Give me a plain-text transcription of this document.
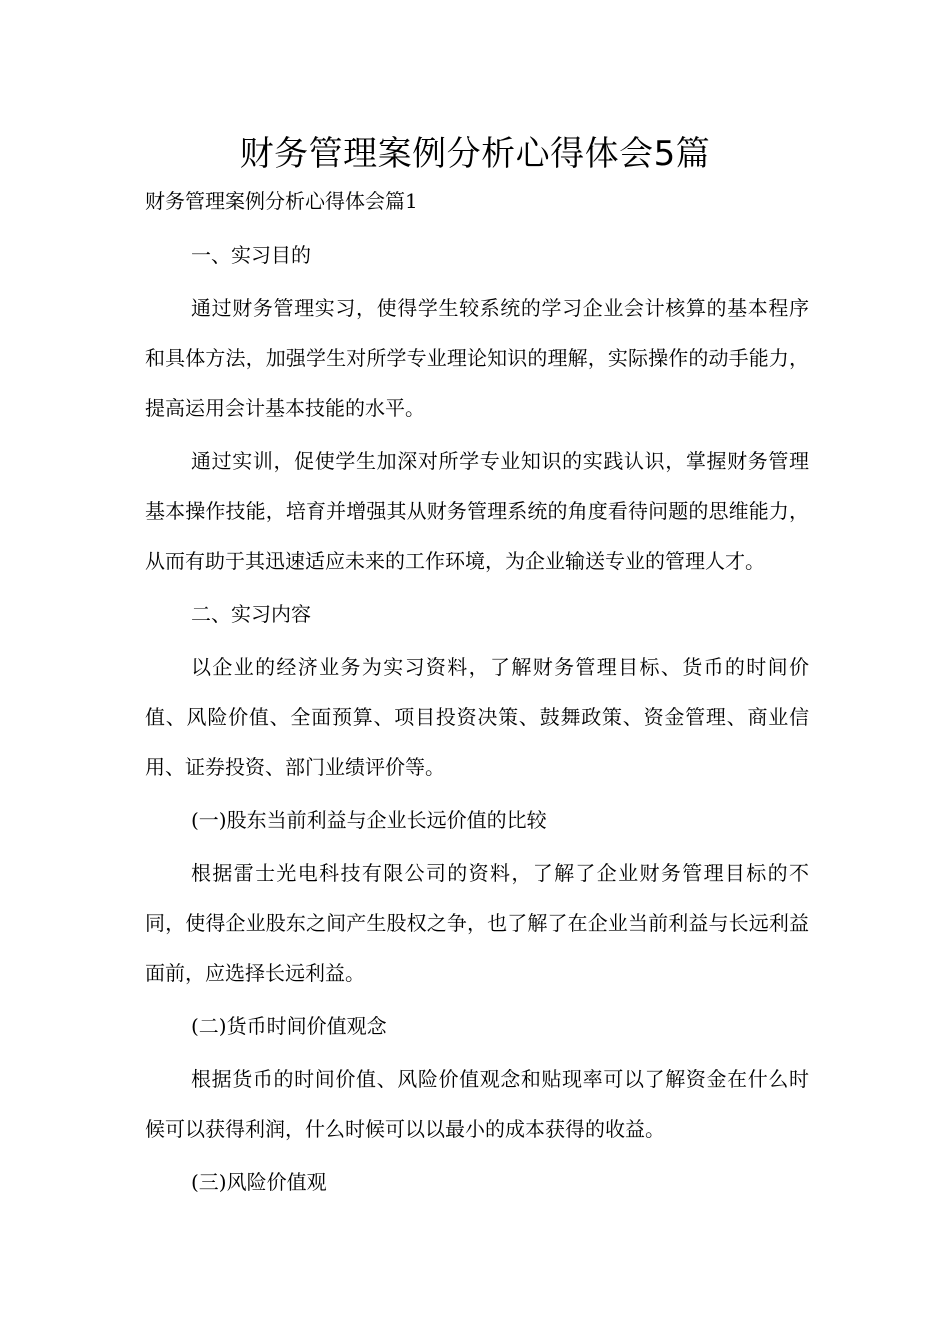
财务管理案例分析心得体会5篇

财务管理案例分析心得体会篇1

一、实习目的

通过财务管理实习，使得学生较系统的学习企业会计核算的基本程序和具体方法，加强学生对所学专业理论知识的理解，实际操作的动手能力，提高运用会计基本技能的水平。

通过实训，促使学生加深对所学专业知识的实践认识，掌握财务管理基本操作技能，培育并增强其从财务管理系统的角度看待问题的思维能力，从而有助于其迅速适应未来的工作环境，为企业输送专业的管理人才。

二、实习内容

以企业的经济业务为实习资料，了解财务管理目标、货币的时间价值、风险价值、全面预算、项目投资决策、鼓舞政策、资金管理、商业信用、证券投资、部门业绩评价等。

(一)股东当前利益与企业长远价值的比较

根据雷士光电科技有限公司的资料，了解了企业财务管理目标的不同，使得企业股东之间产生股权之争，也了解了在企业当前利益与长远利益面前，应选择长远利益。

(二)货币时间价值观念

根据货币的时间价值、风险价值观念和贴现率可以了解资金在什么时候可以获得利润，什么时候可以以最小的成本获得的收益。

(三)风险价值观
